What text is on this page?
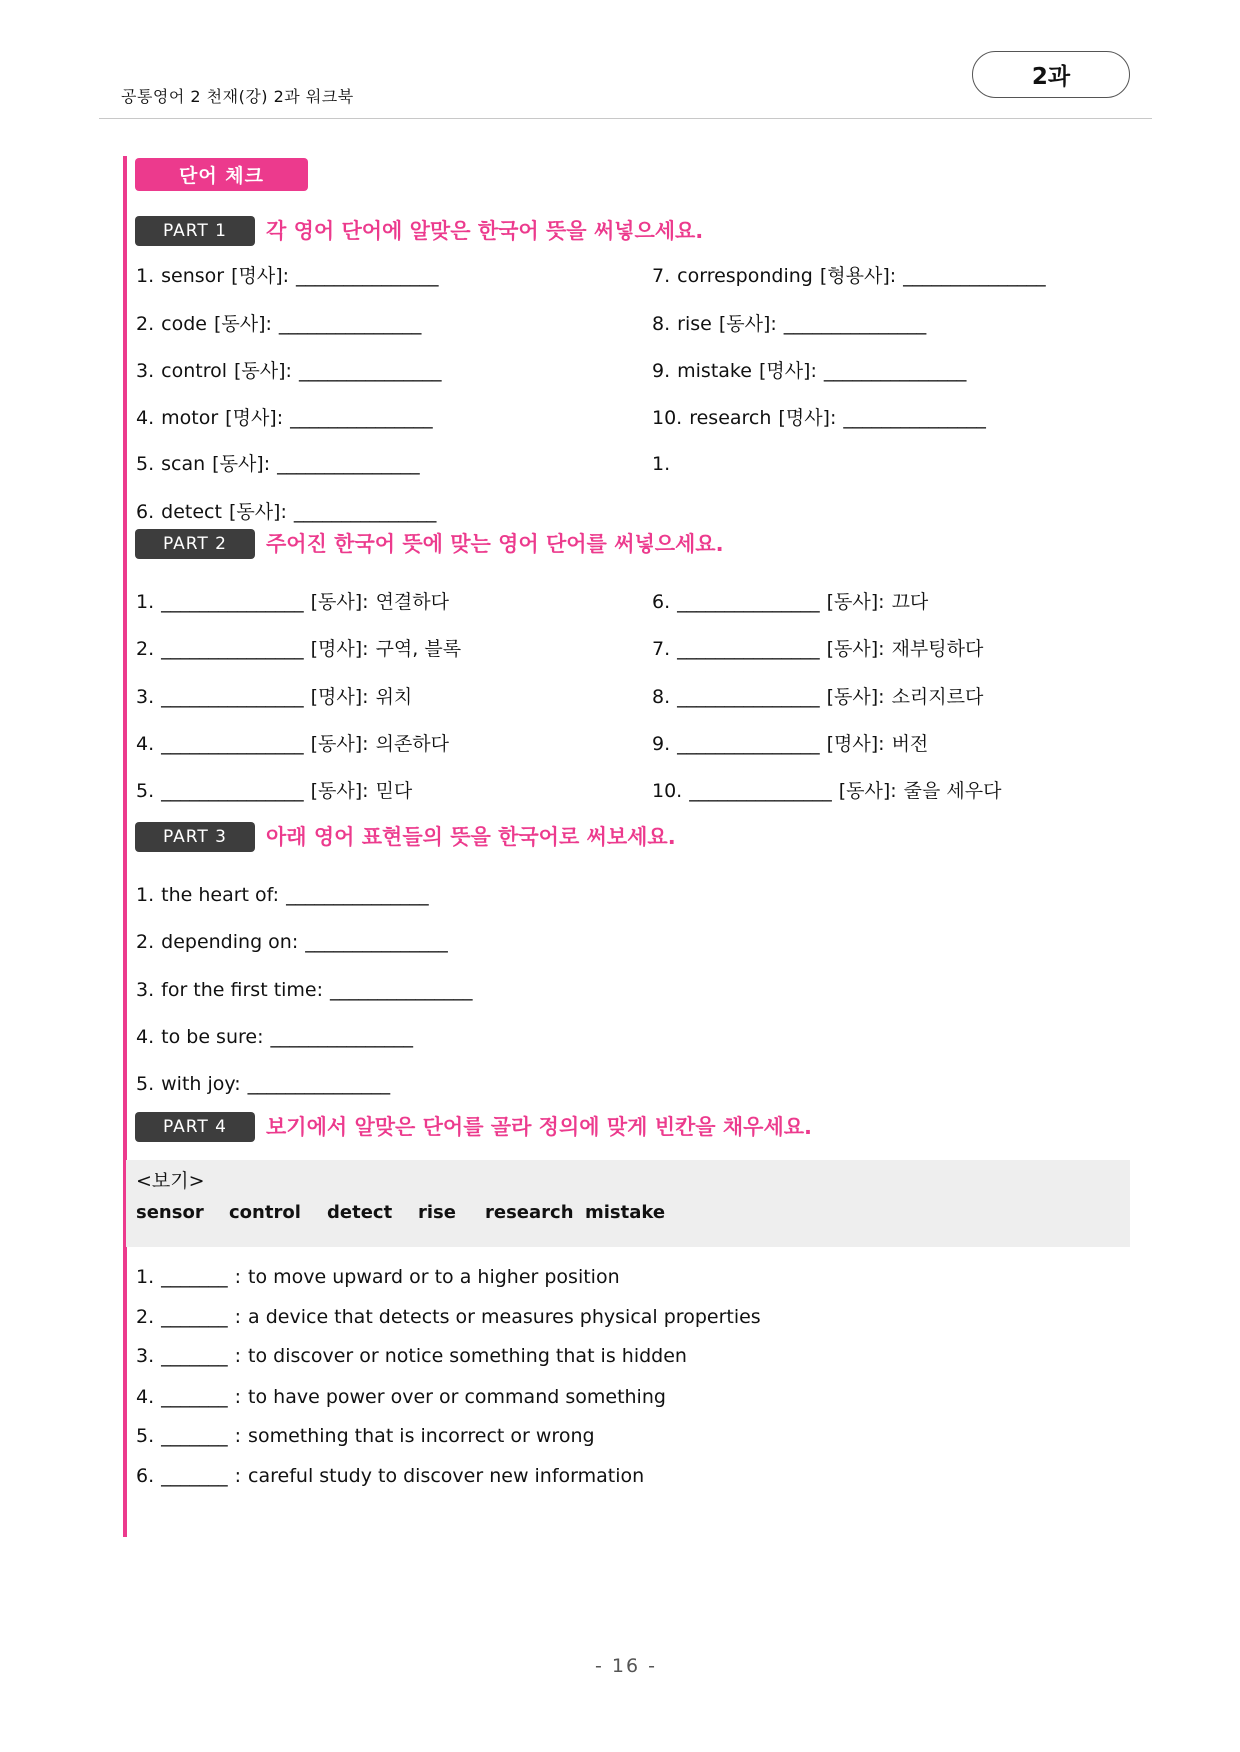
공통영어 2 천재(강) 2과 워크북
2과
단어 체크
PART 1	각 영어 단어에 알맞은 한국어 뜻을 써넣으세요.
1. sensor [명사]: _______________
2. code [동사]: _______________
3. control [동사]: _______________
4. motor [명사]: _______________
5. scan [동사]: _______________
6. detect [동사]: _______________
7. corresponding [형용사]: _______________
8. rise [동사]: _______________
9. mistake [명사]: _______________
10. research [명사]: _______________
1.
PART 2	주어진 한국어 뜻에 맞는 영어 단어를 써넣으세요.
1. _______________ [동사]: 연결하다
2. _______________ [명사]: 구역, 블록
3. _______________ [명사]: 위치
4. _______________ [동사]: 의존하다
5. _______________ [동사]: 믿다
6. _______________ [동사]: 끄다
7. _______________ [동사]: 재부팅하다
8. _______________ [동사]: 소리지르다
9. _______________ [명사]: 버전
10. _______________ [동사]: 줄을 세우다
PART 3	아래 영어 표현들의 뜻을 한국어로 써보세요.
1. the heart of: _______________
2. depending on: _______________
3. for the first time: _______________
4. to be sure: _______________
5. with joy: _______________
PART 4	보기에서 알맞은 단어를 골라 정의에 맞게 빈칸을 채우세요.
<보기>
sensor control detect rise research mistake
1. _______ : to move upward or to a higher position
2. _______ : a device that detects or measures physical properties
3. _______ : to discover or notice something that is hidden
4. _______ : to have power over or command something
5. _______ : something that is incorrect or wrong
6. _______ : careful study to discover new information
- 16 -
